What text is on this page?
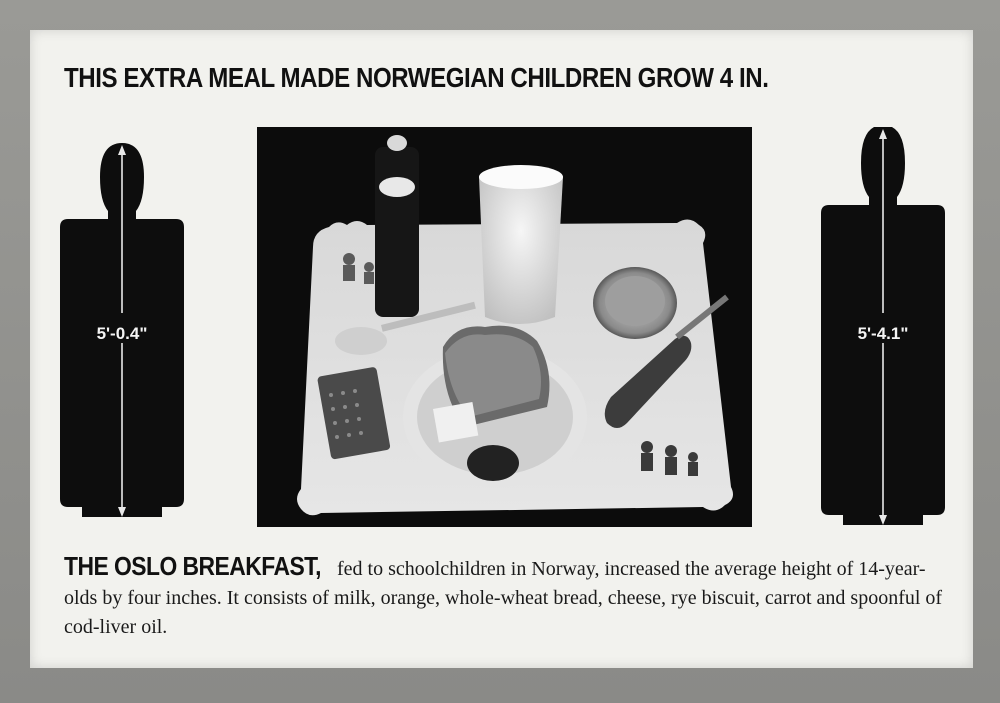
THIS EXTRA MEAL MADE NORWEGIAN CHILDREN GROW 4 IN.
5'-0.4"	5'-4.1"
THE OSLO BREAKFAST, fed to schoolchildren in Norway, increased the average height of 14-year-olds by four inches. It consists of milk, orange, whole-wheat bread, cheese, rye biscuit, carrot and spoonful of cod-liver oil.
